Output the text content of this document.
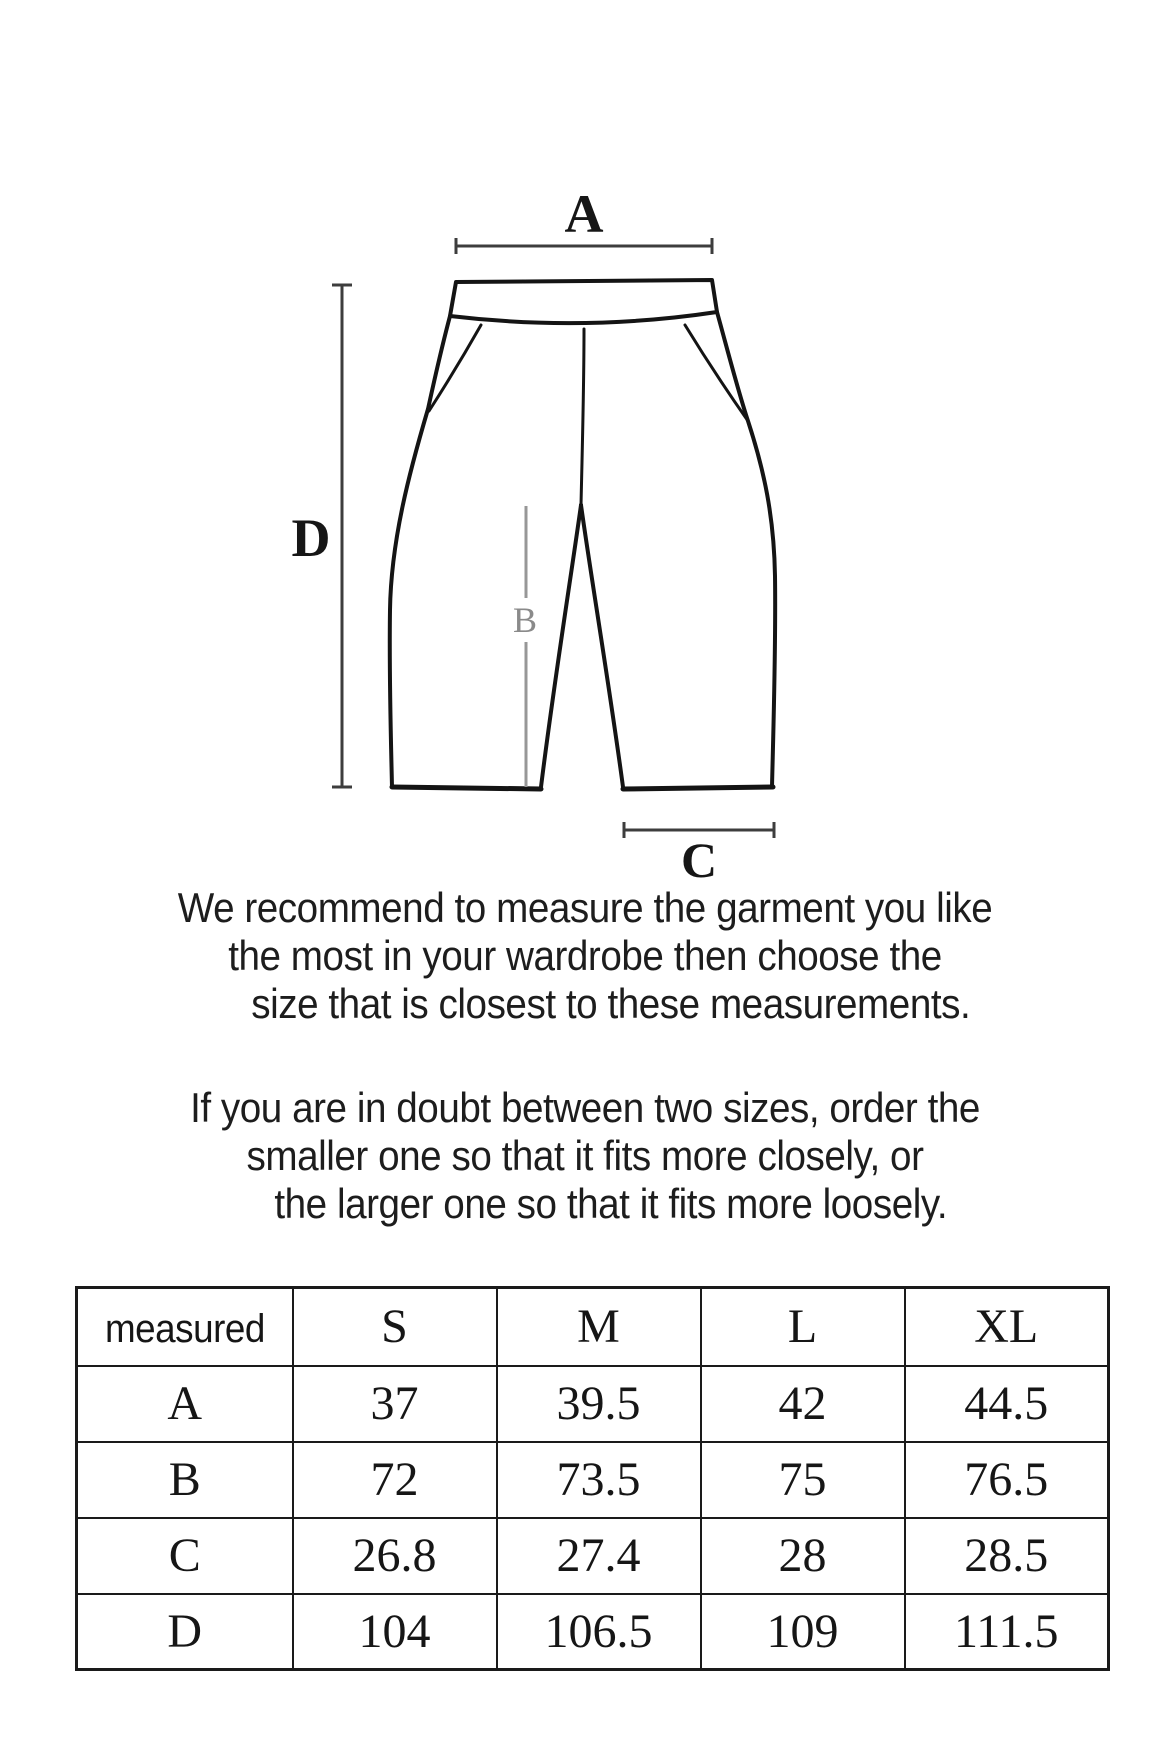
A
D
B
C
We recommend to measure the garment you like
the most in your wardrobe then choose the
size that is closest to these measurements.
If you are in doubt between two sizes, order the
smaller one so that it fits more closely, or
the larger one so that it fits more loosely.
measured	S	M	L	XL
A	37	39.5	42	44.5
B	72	73.5	75	76.5
C	26.8	27.4	28	28.5
D	104	106.5	109	111.5
